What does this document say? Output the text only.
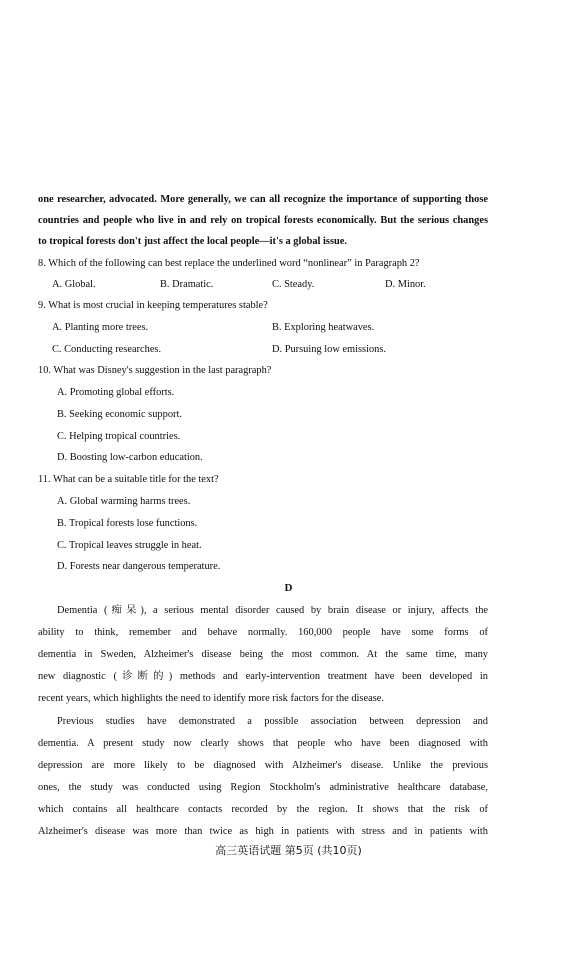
one researcher, advocated. More generally, we can all recognize the importance of supporting those
countries and people who live in and rely on tropical forests economically. But the serious changes
to tropical forests don't just affect the local people—it's a global issue.
8. Which of the following can best replace the underlined word “nonlinear” in Paragraph 2?
A. Global.	B. Dramatic.	C. Steady.	D. Minor.
9. What is most crucial in keeping temperatures stable?
A. Planting more trees.	B. Exploring heatwaves.
C. Conducting researches.	D. Pursuing low emissions.
10. What was Disney's suggestion in the last paragraph?
A. Promoting global efforts.
B. Seeking economic support.
C. Helping tropical countries.
D. Boosting low-carbon education.
11. What can be a suitable title for the text?
A. Global warming harms trees.
B. Tropical forests lose functions.
C. Tropical leaves struggle in heat.
D. Forests near dangerous temperature.
D
Dementia (痴呆), a serious mental disorder caused by brain disease or injury, affects the
ability to think, remember and behave normally. 160,000 people have some forms of
dementia in Sweden, Alzheimer's disease being the most common. At the same time, many
new diagnostic (诊断的) methods and early-intervention treatment have been developed in
recent years, which highlights the need to identify more risk factors for the disease.
Previous studies have demonstrated a possible association between depression and
dementia. A present study now clearly shows that people who have been diagnosed with
depression are more likely to be diagnosed with Alzheimer's disease. Unlike the previous
ones, the study was conducted using Region Stockholm's administrative healthcare database,
which contains all healthcare contacts recorded by the region. It shows that the risk of
Alzheimer's disease was more than twice as high in patients with stress and in patients with
高三英语试题 第5页 (共10页)
